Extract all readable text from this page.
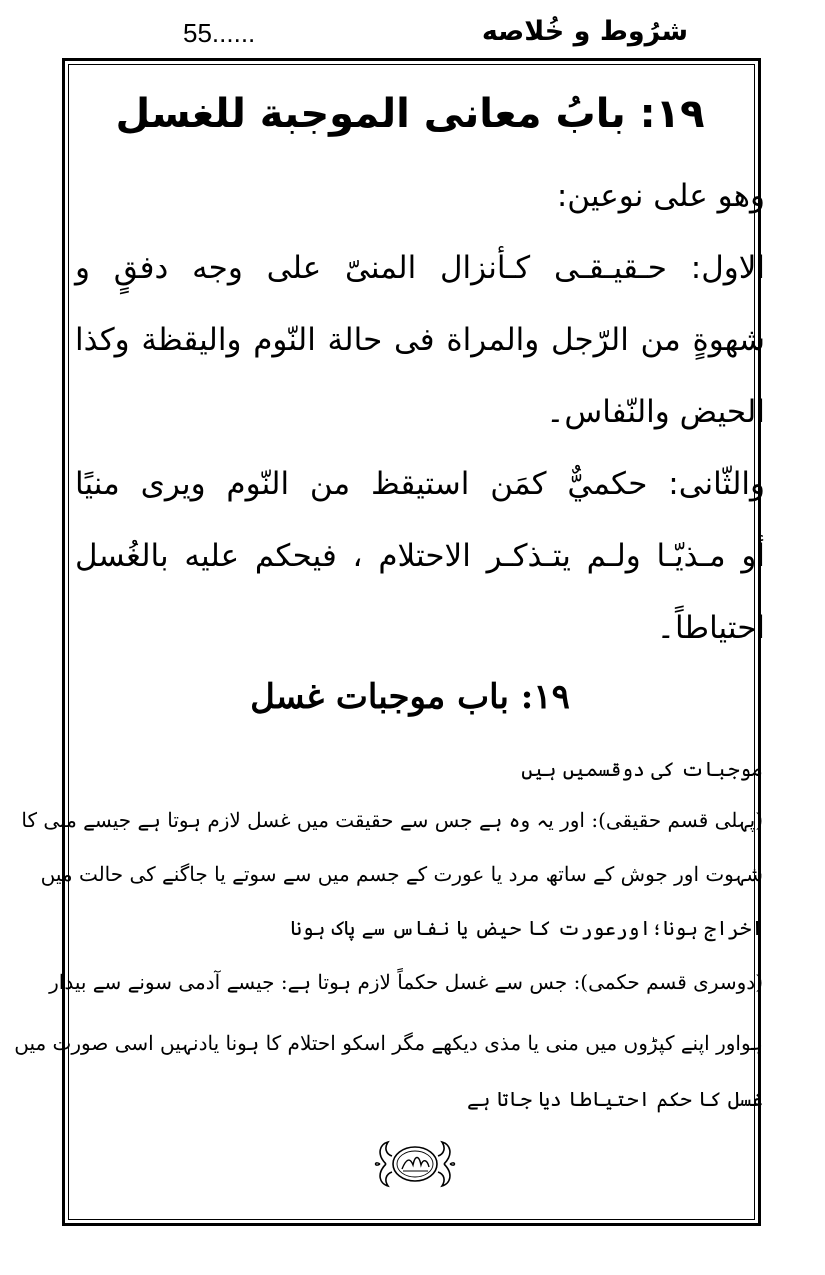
55......	شرُوط و خُلاصه
١٩: بابُ معانى الموجبة للغسل
وهو على نوعين:
الاول: حـقيـقـى كـأنزال المنىّ على وجه دفقٍ و
شهوةٍ من الرّجل والمراة فى حالة النّوم واليقظة وكذا
الحيض والنّفاس۔
والثّانى: حكميٌّ كمَن استيقظ من النّوم ويرى منيًا
أو مـذيّـا ولـم يتـذكـر الاحتلام ، فيحكم عليه بالغُسل
احتياطاً۔
١٩: باب موجبات غسل
موجبات کی دوقسمیں ہیں
(پہلی قسم حقیقی): اور یہ وہ ہے جس سے حقیقت میں غسل لازم ہوتا ہے جیسے منی کا
شہوت اور جوش کے ساتھ مرد یا عورت کے جسم میں سے سوتے یا جاگنے کی حالت میں
اخراج ہونا؛اورعورت کا حیض یا نفاس سے پاک ہونا
(دوسری قسم حکمی): جس سے غسل حکماً لازم ہوتا ہے: جیسے آدمی سونے سے بیدار
ہواور اپنے کپڑوں میں منی یا مذی دیکھے مگر اسکو احتلام کا ہونا یادنہیں اسی صورت میں
غسل کا حکم احتیاطا دیا جاتا ہے
